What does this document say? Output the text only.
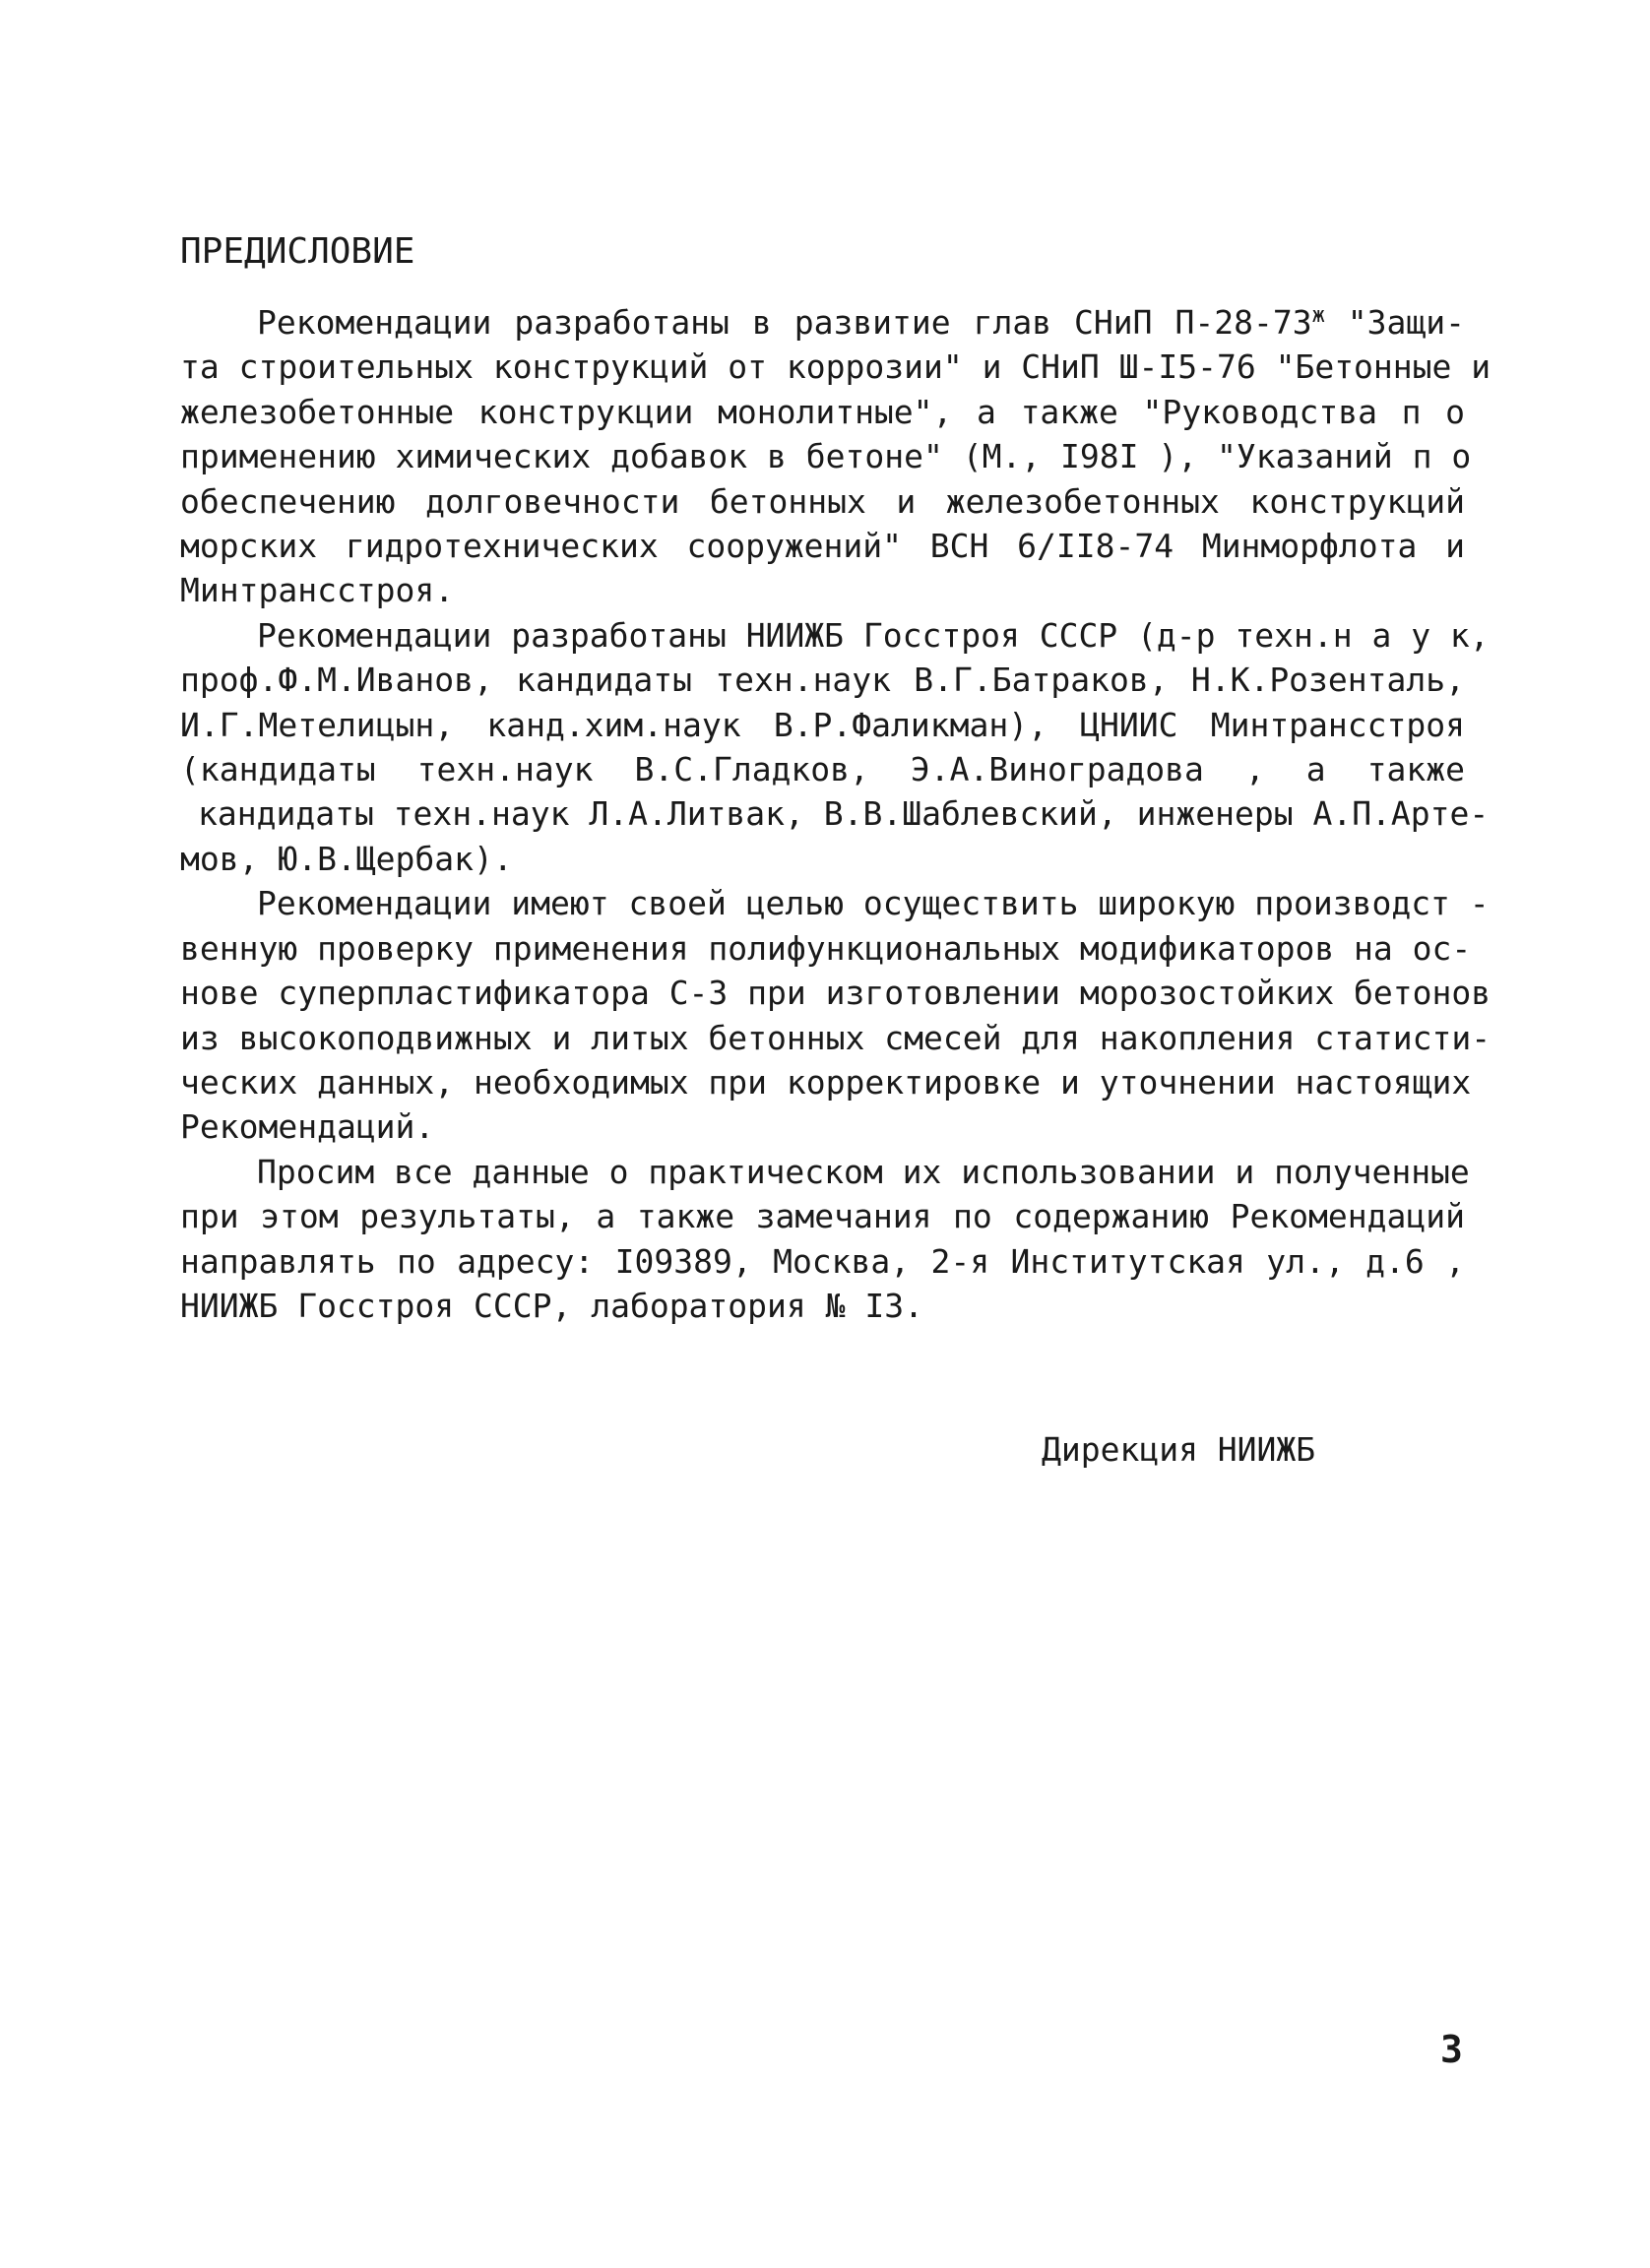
ПРЕДИСЛОВИЕ
Рекомендации разработаны в развитие глав СНиП $П-28-73^ж$ "Защи-
та строительных конструкций от коррозии" и СНиП Ш-I5-76 "Бетонные и
железобетонные конструкции монолитные", а также "Руководства п о
применению химических добавок в бетоне" (М., I98I ), "Указаний п о
обеспечению долговечности бетонных и железобетонных конструкций
морских гидротехнических сооружений" ВСН 6/II8-74 Минморфлота и
Минтрансстроя.
Рекомендации разработаны НИИЖБ Госстроя СССР (д-р техн.н а у к,
проф.Ф.М.Иванов, кандидаты техн.наук В.Г.Батраков, Н.К.Розенталь,
И.Г.Метелицын, канд.хим.наук В.Р.Фаликман), ЦНИИС Минтрансстроя
(кандидаты техн.наук В.С.Гладков, Э.А.Виноградова , а также
кандидаты техн.наук Л.А.Литвак, В.В.Шаблевский, инженеры А.П.Арте-
мов, Ю.В.Щербак).
Рекомендации имеют своей целью осуществить широкую производст -
венную проверку применения полифункциональных модификаторов на ос-
нове суперпластификатора С-3 при изготовлении морозостойких бетонов
из высокоподвижных и литых бетонных смесей для накопления статисти-
ческих данных, необходимых при корректировке и уточнении настоящих
Рекомендаций.
Просим все данные о практическом их использовании и полученные
при этом результаты, а также замечания по содержанию Рекомендаций
направлять по адресу: I09389, Москва, 2-я Институтская ул., д.6 ,
НИИЖБ Госстроя СССР, лаборатория № I3.
Дирекция НИИЖБ
3
